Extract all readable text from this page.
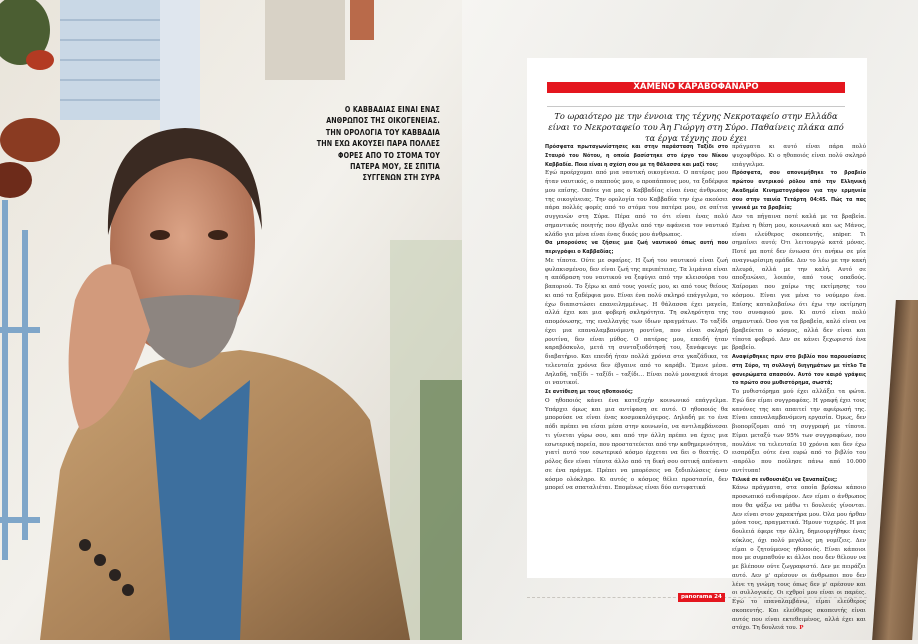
Ο ΚΑΒΒΑΔΙΑΣ ΕΙΝΑΙ ΕΝΑΣ ΑΝΘΡΩΠΟΣ ΤΗΣ ΟΙΚΟΓΕΝΕΙΑΣ. ΤΗΝ ΟΡΟΛΟΓΙΑ ΤΟΥ ΚΑΒΒΑΔΙΑ ΤΗΝ ΕΧΩ ΑΚΟΥΣΕΙ ΠΑΡΑ ΠΟΛΛΕΣ ΦΟΡΕΣ ΑΠΟ ΤΟ ΣΤΟΜΑ ΤΟΥ ΠΑΤΕΡΑ ΜΟΥ, ΣΕ ΣΠΙΤΙΑ ΣΥΓΓΕΝΩΝ ΣΤΗ ΣΥΡΑ
ΧΑΜΕΝΟ ΚΑΡΑΒΟΦΑΝΑΡΟ
Το ωραιότερο με την έννοια της τέχνης Νεκροταφείο στην Ελλάδα είναι το Νεκροταφείο του Άη Γιώργη στη Σύρο. Παθαίνεις πλάκα από τα έργα τέχνης που έχει

Πρόσφατα πρωταγωνίστησες και στην παράσταση Ταξίδι στο Σταυρό του Νότου, η οποία βασίστηκε στο έργο του Νίκου Καββαδία. Ποια είναι η σχέση σου με τη θάλασσα και μαζί του;

Εγώ προέρχομαι από μια ναυτική οικογένεια. Ο πατέρας μου ήταν ναυτικός, ο παππούς μου, ο προπάππους μου, τα ξαδέρφια μου επίσης. Οπότε για μας ο Καββαδίας είναι ένας άνθρωπος της οικογένειας. Την ορολογία του Καββαδία την έχω ακούσει πάρα πολλές φορές από το στόμα του πατέρα μου, σε σπίτια συγγενών στη Σύρα. Πέρα από το ότι είναι ένας πολύ σημαντικός ποιητής που έβγαλε από την αφάνεια τον ναυτικό κλάδο για μένα είναι ένας δικός μου άνθρωπος.

Θα μπορούσες να ζήσεις μια ζωή ναυτικού όπως αυτή που περιγράφει ο Καββαδίας;

Με τίποτα. Ούτε με σφαίρες. Η ζωή του ναυτικού είναι ζωή φυλακισμένου, δεν είναι ζωή της περιπέτειας. Τα λιμάνια είναι η απόδραση του ναυτικού να ξεφύγει από την κλεισούρα του βαποριού. Το ξέρω κι από τους γονείς μου, κι από τους θείους κι από τα ξαδέρφια μου. Είναι ένα πολύ σκληρό επάγγελμα, το έχω διαπιστώσει επανειλημμένως. Η θάλασσα έχει μαγεία, αλλά έχει και μια φοβερή σκληρότητα. Τη σκληρότητα της απομόνωσης, της εναλλαγής των ίδιων πραγμάτων. Το ταξίδι έχει μια επαναλαμβανόμενη ρουτίνα, που είναι σκληρή ρουτίνα, δεν είναι μύθος. Ο πατέρας μου, επειδή ήταν καραβόσκυλο, μετά τη συνταξιοδότησή του, ξανάφευγε με διαβατήριο. Και επειδή ήταν πολλά χρόνια στα γκαζάδικα, τα τελευταία χρόνια δεν έβγαινε από το καράβι. Έμενε μέσα. Δηλαδή, ταξίδι – ταξίδι – ταξίδι... Είναι πολύ μοναχικά άτομα οι ναυτικοί.

Σε αντίθεση με τους ηθοποιούς;

Ο ηθοποιός κάνει ένα κατεξοχήν κοινωνικό επάγγελμα. Υπάρχει όμως και μια αντίφαση σε αυτό. Ο ηθοποιός θα μπορούσε να είναι ένας κοσμοκαλόγερος. Δηλαδή με το ένα πόδι πρέπει να είσαι μέσα στην κοινωνία, να αντιλαμβάνεσαι τι γίνεται γύρω σου, και από την άλλη πρέπει να έχεις μια εσωτερική πορεία, που προστατεύεται από την καθημερινότητα, γιατί αυτό τον εσωτερικό κόσμο έρχεται να δει ο θεατής. Ο ρόλος δεν είναι τίποτα άλλο από τη δική σου οπτική απέναντι σε ένα πράγμα. Πρέπει να μπορέσεις να ξεδιπλώσεις έναν κόσμο ολόκληρο. Κι αυτός ο κόσμος θέλει προστασία, δεν μπορεί να σπαταλιέται. Επομένως είναι δύο αντιφατικά

πράγματα κι αυτό είναι πάρα πολύ ψυχοφθόρο. Κι ο ηθοποιός είναι πολύ σκληρό επάγγελμα.

Πρόσφατα, σου απονεμήθηκε το βραβείο πρώτου αντρικού ρόλου από την Ελληνική Ακαδημία Κινηματογράφου για την ερμηνεία σου στην ταινία Τετάρτη 04:45. Πώς τα πας γενικά με τα βραβεία;

Δεν τα πήγαινα ποτέ καλά με τα βραβεία. Εμένα η θέση μου, κοινωνικά και ως Μάνος, είναι ελεύθερος σκοπευτής, sniper. Τι σημαίνει αυτό; Ότι λειτουργώ κατά μόνας. Ποτέ μα ποτέ δεν ένιωσα ότι ανήκω σε μία αναγνωρίσιμη ομάδα. Δεν το λέω με την κακή πλευρά, αλλά με την καλή. Αυτό σε αποξενώνει, λοιπόν, από τους οπαδούς. Χαίρομαι που χαίρω της εκτίμησης του κόσμου. Είναι για μένα το νούμερο ένα. Επίσης καταλαβαίνω ότι έχω την εκτίμηση του συναφιού μου. Κι αυτό είναι πολύ σημαντικό. Όσο για τα βραβεία, καλό είναι να βραβεύεται ο κόσμος, αλλά δεν είναι και τίποτα φοβερό. Δεν σε κάνει ξεχωριστό ένα βραβείο.

Αναφέρθηκες πριν στο βιβλίο που παρουσίασες στη Σύρο, τη συλλογή διηγημάτων με τίτλο Τα φανερώματα απασούν. Αυτό τον καιρό γράφεις το πρώτο σου μυθιστόρημα, σωστά;

Το μυθιστόρημα μού έχει αλλάξει τα φώτα. Εγώ δεν είμαι συγγραφέας. Η γραφή έχει τους κανόνες της και απαιτεί την αφιέρωσή της. Είναι επαναλαμβανόμενη εργασία. Όμως, δεν βιοπορίζομαι από τη συγγραφή με τίποτα. Είμαι μεταξύ των 95% των συγγραφέων, που πουλάνε τα τελευταία 10 χρόνια και δεν έχω εισπράξει ούτε ένα ευρώ από το βιβλίο του -παρόλο που πούλησε πάνω από 10.000 αντίτυπα!

Τελικά σε ενθουσιάζει να ξαναπαίζεις;

Κάνω πράγματα, στα οποία βρίσκω κάποιο προσωπικό ενδιαφέρον. Δεν είμαι ο άνθρωπος που θα ψάξω να μάθω τι δουλειές γίνονται. Δεν είναι στον χαρακτήρα μου. Όλα μου ήρθαν μόνα τους, πραγματικά. Ήμουν τυχερός. Η μια δουλειά έφερε την άλλη, δημιουργήθηκε ένας κύκλος, όχι πολύ μεγάλος μη νομίζεις. Δεν είμαι ο ζητούμενος ηθοποιός. Είναι κάποιοι που με συμπαθούν κι άλλοι που δεν θέλουν να με βλέπουν ούτε ζωγραφιστό. Δεν με πειράζει αυτό. Δεν μ' αρέσουν οι άνθρωποι που δεν λένε τη γνώμη τους όπως δεν μ' αρέσουν και οι συλλογικές. Οι εχθροί μου είναι οι παρέες. Εγώ το επαναλαμβάνω, είμαι ελεύθερος σκοπευτής. Και ελεύθερος σκοπευτής είναι αυτός που είναι εκτεθειμένος, αλλά έχει και στόχο. Τη δουλειά του. P

panorama 24
